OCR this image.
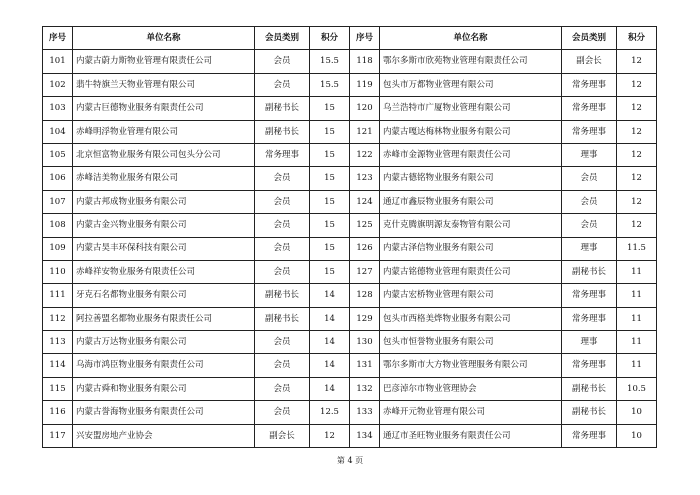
序号	单位名称	会员类别	积分	序号	单位名称	会员类别	积分
101	内蒙古蔚力斯物业管理有限责任公司	会员	15.5	118	鄂尔多斯市欣苑物业管理有限责任公司	副会长	12
102	翡牛特旗兰天物业管理有限公司	会员	15.5	119	包头市万都物业管理有限公司	常务理事	12
103	内蒙古巨德物业服务有限责任公司	副秘书长	15	120	乌兰浩特市广厦物业管理有限公司	常务理事	12
104	赤峰明浮物业管理有限公司	副秘书长	15	121	内蒙古嘎达梅林物业服务有限公司	常务理事	12
105	北京恒富物业服务有限公司包头分公司	常务理事	15	122	赤峰市金源物业管理有限责任公司	理事	12
106	赤峰洁美物业服务有限公司	会员	15	123	内蒙古德铭物业服务有限公司	会员	12
107	内蒙古邦成物业服务有限公司	会员	15	124	通辽市鑫辰物业服务有限公司	会员	12
108	内蒙古金兴物业服务有限公司	会员	15	125	克什克腾旗明源友泰物管有限公司	会员	12
109	内蒙古昊丰环保科技有限公司	会员	15	126	内蒙古泽信物业服务有限公司	理事	11.5
110	赤峰祥安物业服务有限责任公司	会员	15	127	内蒙古铭德物业管理有限责任公司	副秘书长	11
111	牙克石名都物业服务有限公司	副秘书长	14	128	内蒙古宏桥物业管理有限公司	常务理事	11
112	阿拉善盟名都物业服务有限责任公司	副秘书长	14	129	包头市西格美烨物业服务有限公司	常务理事	11
113	内蒙古万达物业服务有限公司	会员	14	130	包头市恒誉物业服务有限公司	理事	11
114	乌海市鸿臣物业服务有限责任公司	会员	14	131	鄂尔多斯市大方物业管理服务有限公司	常务理事	11
115	内蒙古舜和物业服务有限公司	会员	14	132	巴彦淖尔市物业管理协会	副秘书长	10.5
116	内蒙古誉海物业服务有限责任公司	会员	12.5	133	赤峰开元物业管理有限公司	副秘书长	10
117	兴安盟房地产业协会	副会长	12	134	通辽市圣旺物业服务有限责任公司	常务理事	10
第 4 页
